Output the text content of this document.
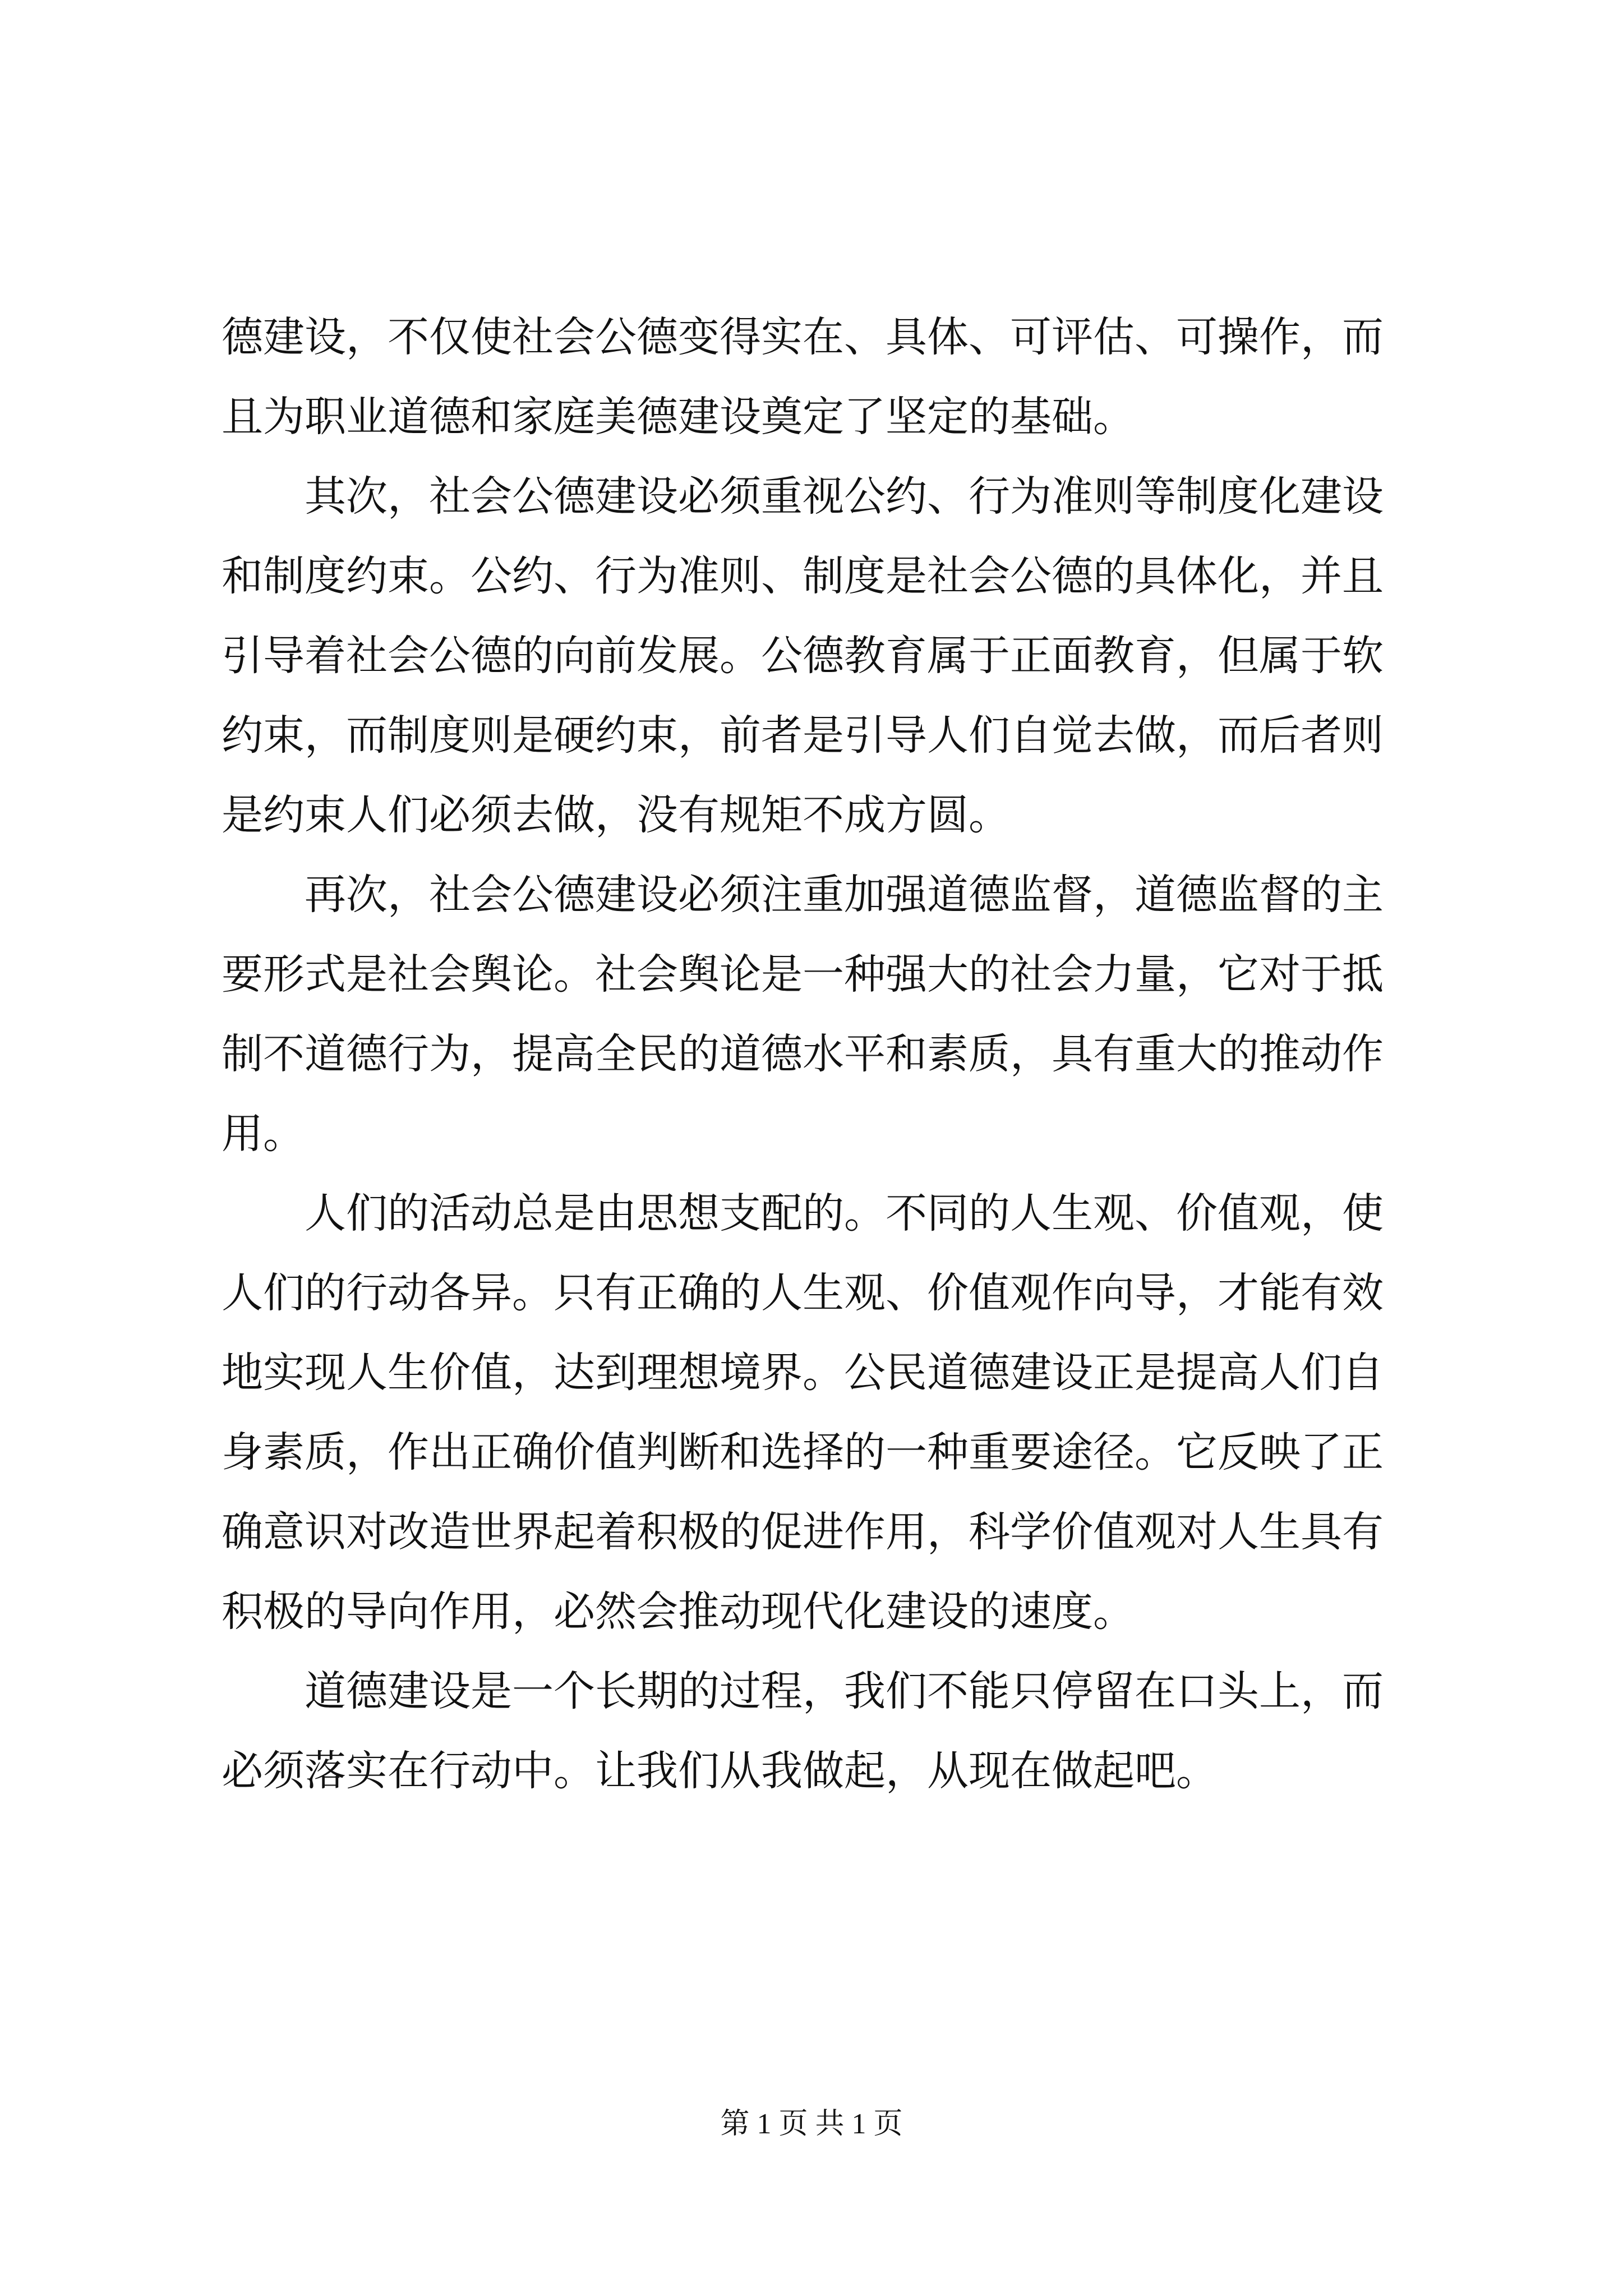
德建设，不仅使社会公德变得实在、具体、可评估、可操作，而
且为职业道德和家庭美德建设奠定了坚定的基础。
　　其次，社会公德建设必须重视公约、行为准则等制度化建设
和制度约束。公约、行为准则、制度是社会公德的具体化，并且
引导着社会公德的向前发展。公德教育属于正面教育，但属于软
约束，而制度则是硬约束，前者是引导人们自觉去做，而后者则
是约束人们必须去做，没有规矩不成方圆。
　　再次，社会公德建设必须注重加强道德监督，道德监督的主
要形式是社会舆论。社会舆论是一种强大的社会力量，它对于抵
制不道德行为，提高全民的道德水平和素质，具有重大的推动作
用。
　　人们的活动总是由思想支配的。不同的人生观、价值观，使
人们的行动各异。只有正确的人生观、价值观作向导，才能有效
地实现人生价值，达到理想境界。公民道德建设正是提高人们自
身素质，作出正确价值判断和选择的一种重要途径。它反映了正
确意识对改造世界起着积极的促进作用，科学价值观对人生具有
积极的导向作用，必然会推动现代化建设的速度。
　　道德建设是一个长期的过程，我们不能只停留在口头上，而
必须落实在行动中。让我们从我做起，从现在做起吧。
第 1 页 共 1 页
